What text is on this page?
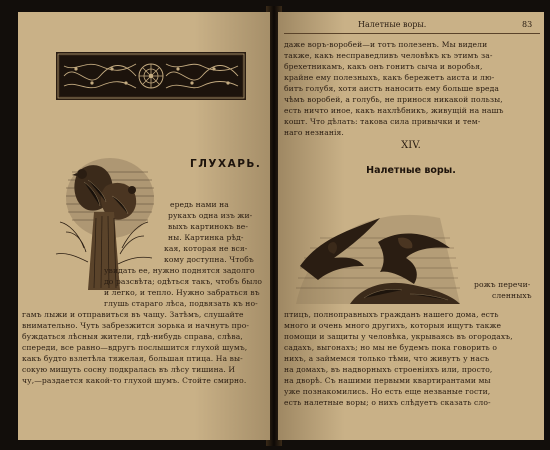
ГЛУХАРЬ.
ередь нами на
рукахъ одна изъ жи-
выхъ картинокъ ве-
ны. Картинка рѣд-
кая, которая не вся-
кому доступна. Чтобъ
увидать ее, нужно поднятся задолго
до разсвѣта; одѣться такъ, чтобъ было
и легко, и тепло. Нужно забраться въ
глушь стараго лѣса, подвязать къ но-
гамъ лыжи и отправиться въ чащу. Затѣмъ, слушайте
внимательно. Чуть забрезжится зорька и начнутъ про-
буждаться лѣсныя жители, гдѣ-нибудь справа, слѣва,
спереди, все равно—вдругъ послышится глухой шумъ,
какъ будто взлетѣла тяжелая, большая птица. На вы-
сокую мишуть сосну подкралась въ лѣсу тишина. И
чу,—раздается какой-то глухой шумъ. Стойте смирно.
Налетные воры.	83
даже воръ-воробей—и тотъ полезенъ. Мы видели
также, какъ несправедливъ человѣкъ къ этимъ за-
брехетникамъ, какъ онъ гонитъ сыча и воробья,
крайне ему полезныхъ, какъ бережетъ аиста и лю-
битъ голубя, хотя аистъ наносить ему больше вреда
чѣмъ воробей, а голубь, не принося никакой пользы,
есть ничто иное, какъ нахлѣбникъ, живущій на нашъ
кошт. Что дѣлать: такова сила привычки и тем-
наго незнанія.
XIV.
Налетные воры.
рожъ перечи-
сленныхъ
птицъ, полноправныхъ гражданъ нашего дома, есть
многo и очень много другихъ, которыя ищутъ также
помощи и защиты у человѣка, укрываясь въ огородахъ,
садахъ, выгонахъ; но мы не будемъ пока говорить о
нихъ, а займемся только тѣми, что живутъ у насъ
на домахъ, въ надворныхъ строеніяхъ или, просто,
на дворѣ. Съ нашими первыми квартирантами мы
уже познакомились. Но есть еще незваные гости,
есть налетные воры; о нихъ слѣдуетъ сказать сло-
